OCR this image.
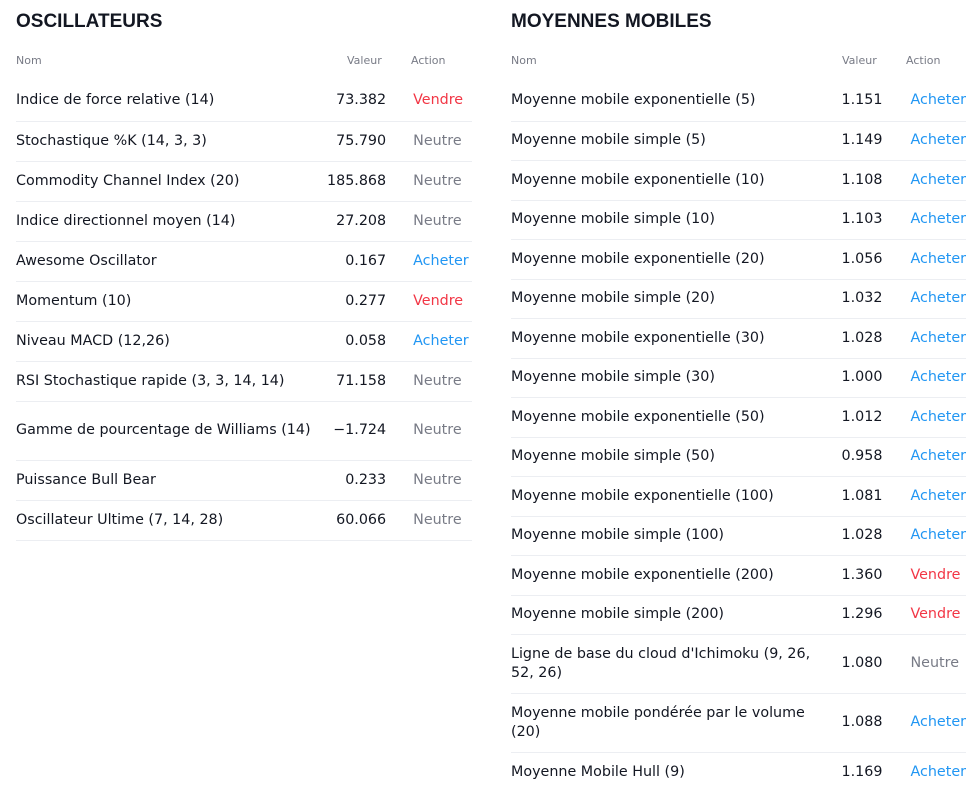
OSCILLATEURS
Nom	Valeur	Action
Indice de force relative (14)	73.382	Vendre
Stochastique %K (14, 3, 3)	75.790	Neutre
Commodity Channel Index (20)	185.868	Neutre
Indice directionnel moyen (14)	27.208	Neutre
Awesome Oscillator	0.167	Acheter
Momentum (10)	0.277	Vendre
Niveau MACD (12,26)	0.058	Acheter
RSI Stochastique rapide (3, 3, 14, 14)	71.158	Neutre
Gamme de pourcentage de Williams (14)	−1.724	Neutre
Puissance Bull Bear	0.233	Neutre
Oscillateur Ultime (7, 14, 28)	60.066	Neutre
MOYENNES MOBILES
Nom	Valeur	Action
Moyenne mobile exponentielle (5)	1.151	Acheter
Moyenne mobile simple (5)	1.149	Acheter
Moyenne mobile exponentielle (10)	1.108	Acheter
Moyenne mobile simple (10)	1.103	Acheter
Moyenne mobile exponentielle (20)	1.056	Acheter
Moyenne mobile simple (20)	1.032	Acheter
Moyenne mobile exponentielle (30)	1.028	Acheter
Moyenne mobile simple (30)	1.000	Acheter
Moyenne mobile exponentielle (50)	1.012	Acheter
Moyenne mobile simple (50)	0.958	Acheter
Moyenne mobile exponentielle (100)	1.081	Acheter
Moyenne mobile simple (100)	1.028	Acheter
Moyenne mobile exponentielle (200)	1.360	Vendre
Moyenne mobile simple (200)	1.296	Vendre
Ligne de base du cloud d'Ichimoku (9, 26, 52, 26)	1.080	Neutre
Moyenne mobile pondérée par le volume (20)	1.088	Acheter
Moyenne Mobile Hull (9)	1.169	Acheter
